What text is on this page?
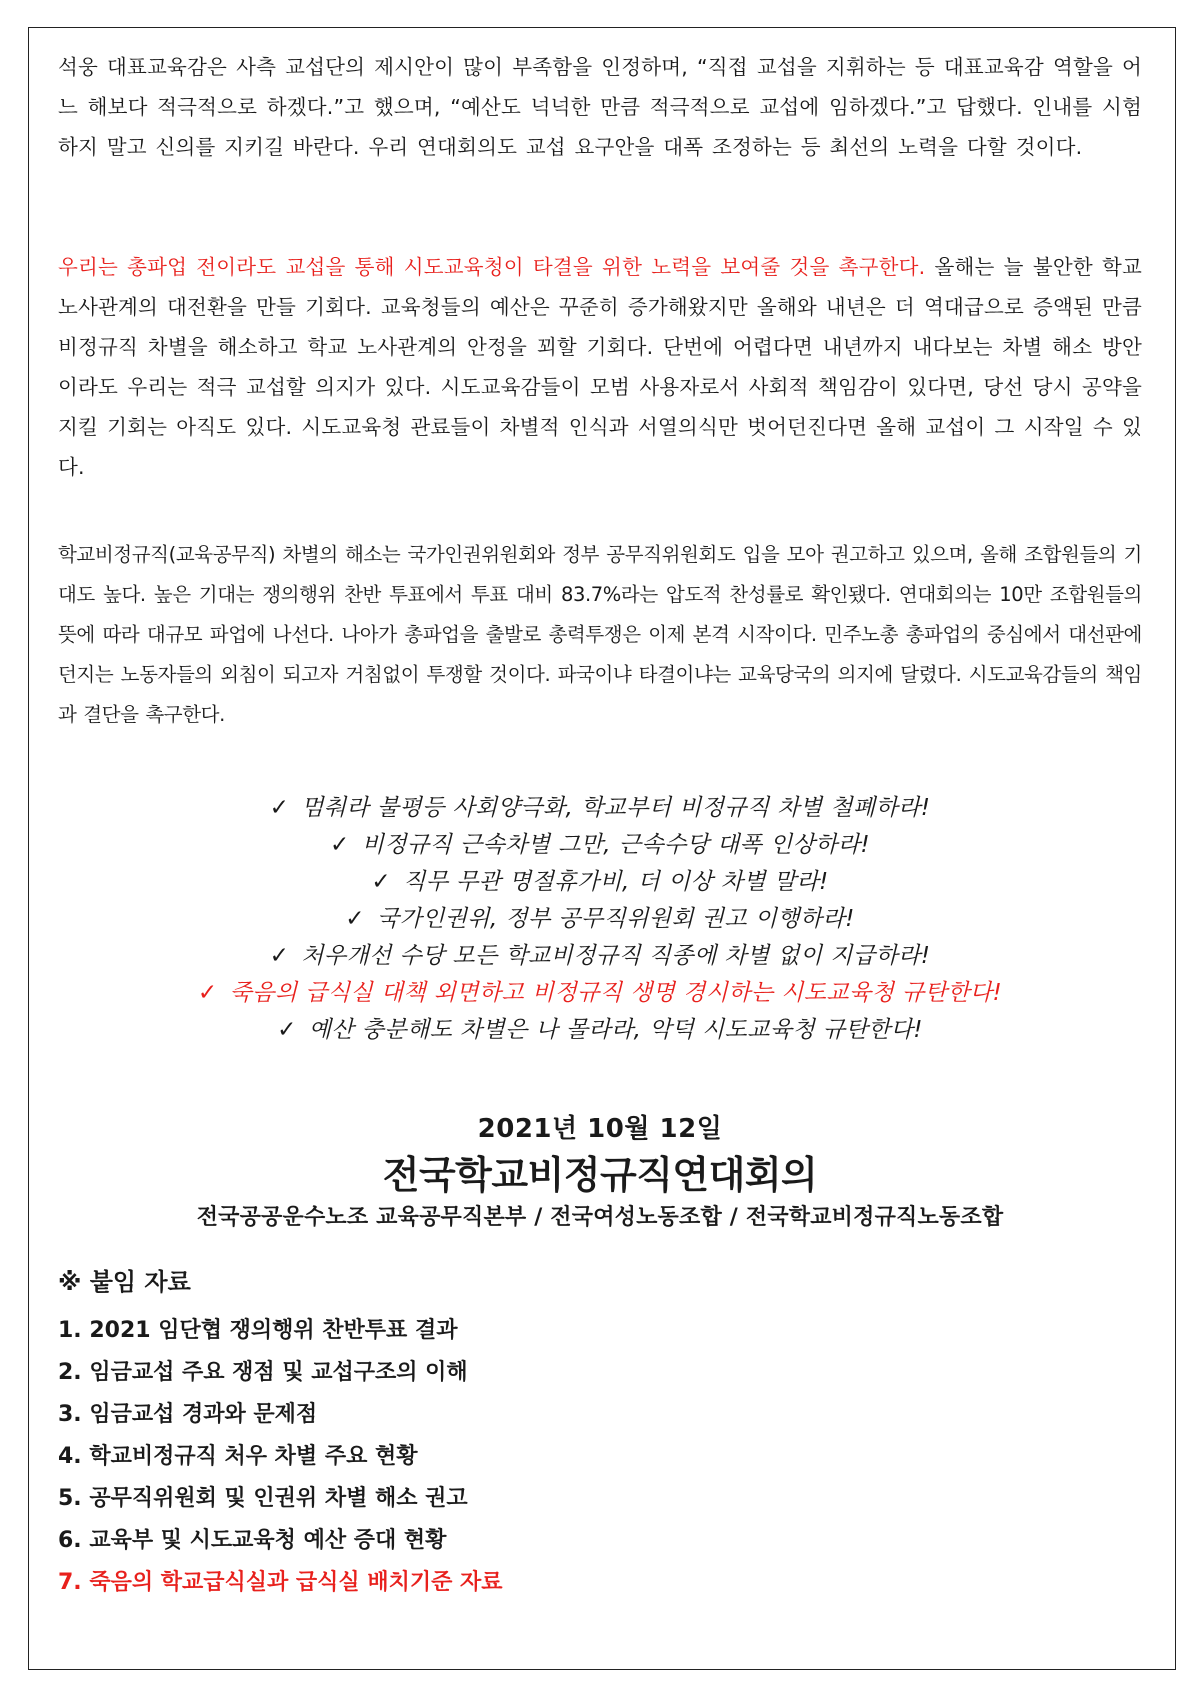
석웅 대표교육감은 사측 교섭단의 제시안이 많이 부족함을 인정하며, “직접 교섭을 지휘하는 등 대표교육감 역할을 어느 해보다 적극적으로 하겠다.”고 했으며, “예산도 넉넉한 만큼 적극적으로 교섭에 임하겠다.”고 답했다. 인내를 시험하지 말고 신의를 지키길 바란다. 우리 연대회의도 교섭 요구안을 대폭 조정하는 등 최선의 노력을 다할 것이다.
우리는 총파업 전이라도 교섭을 통해 시도교육청이 타결을 위한 노력을 보여줄 것을 촉구한다. 올해는 늘 불안한 학교 노사관계의 대전환을 만들 기회다. 교육청들의 예산은 꾸준히 증가해왔지만 올해와 내년은 더 역대급으로 증액된 만큼 비정규직 차별을 해소하고 학교 노사관계의 안정을 꾀할 기회다. 단번에 어렵다면 내년까지 내다보는 차별 해소 방안이라도 우리는 적극 교섭할 의지가 있다. 시도교육감들이 모범 사용자로서 사회적 책임감이 있다면, 당선 당시 공약을 지킬 기회는 아직도 있다. 시도교육청 관료들이 차별적 인식과 서열의식만 벗어던진다면 올해 교섭이 그 시작일 수 있다.
학교비정규직(교육공무직) 차별의 해소는 국가인권위원회와 정부 공무직위원회도 입을 모아 권고하고 있으며, 올해 조합원들의 기대도 높다. 높은 기대는 쟁의행위 찬반 투표에서 투표 대비 83.7%라는 압도적 찬성률로 확인됐다. 연대회의는 10만 조합원들의 뜻에 따라 대규모 파업에 나선다. 나아가 총파업을 출발로 총력투쟁은 이제 본격 시작이다. 민주노총 총파업의 중심에서 대선판에 던지는 노동자들의 외침이 되고자 거침없이 투쟁할 것이다. 파국이냐 타결이냐는 교육당국의 의지에 달렸다. 시도교육감들의 책임과 결단을 촉구한다.
✓ 멈춰라 불평등 사회양극화, 학교부터 비정규직 차별 철폐하라!
✓ 비정규직 근속차별 그만, 근속수당 대폭 인상하라!
✓ 직무 무관 명절휴가비, 더 이상 차별 말라!
✓ 국가인권위, 정부 공무직위원회 권고 이행하라!
✓ 처우개선 수당 모든 학교비정규직 직종에 차별 없이 지급하라!
✓ 죽음의 급식실 대책 외면하고 비정규직 생명 경시하는 시도교육청 규탄한다!
✓ 예산 충분해도 차별은 나 몰라라, 악덕 시도교육청 규탄한다!
2021년 10월 12일
전국학교비정규직연대회의
전국공공운수노조 교육공무직본부 / 전국여성노동조합 / 전국학교비정규직노동조합
※ 붙임 자료
1. 2021 임단협 쟁의행위 찬반투표 결과
2. 임금교섭 주요 쟁점 및 교섭구조의 이해
3. 임금교섭 경과와 문제점
4. 학교비정규직 처우 차별 주요 현황
5. 공무직위원회 및 인권위 차별 해소 권고
6. 교육부 및 시도교육청 예산 증대 현황
7. 죽음의 학교급식실과 급식실 배치기준 자료
